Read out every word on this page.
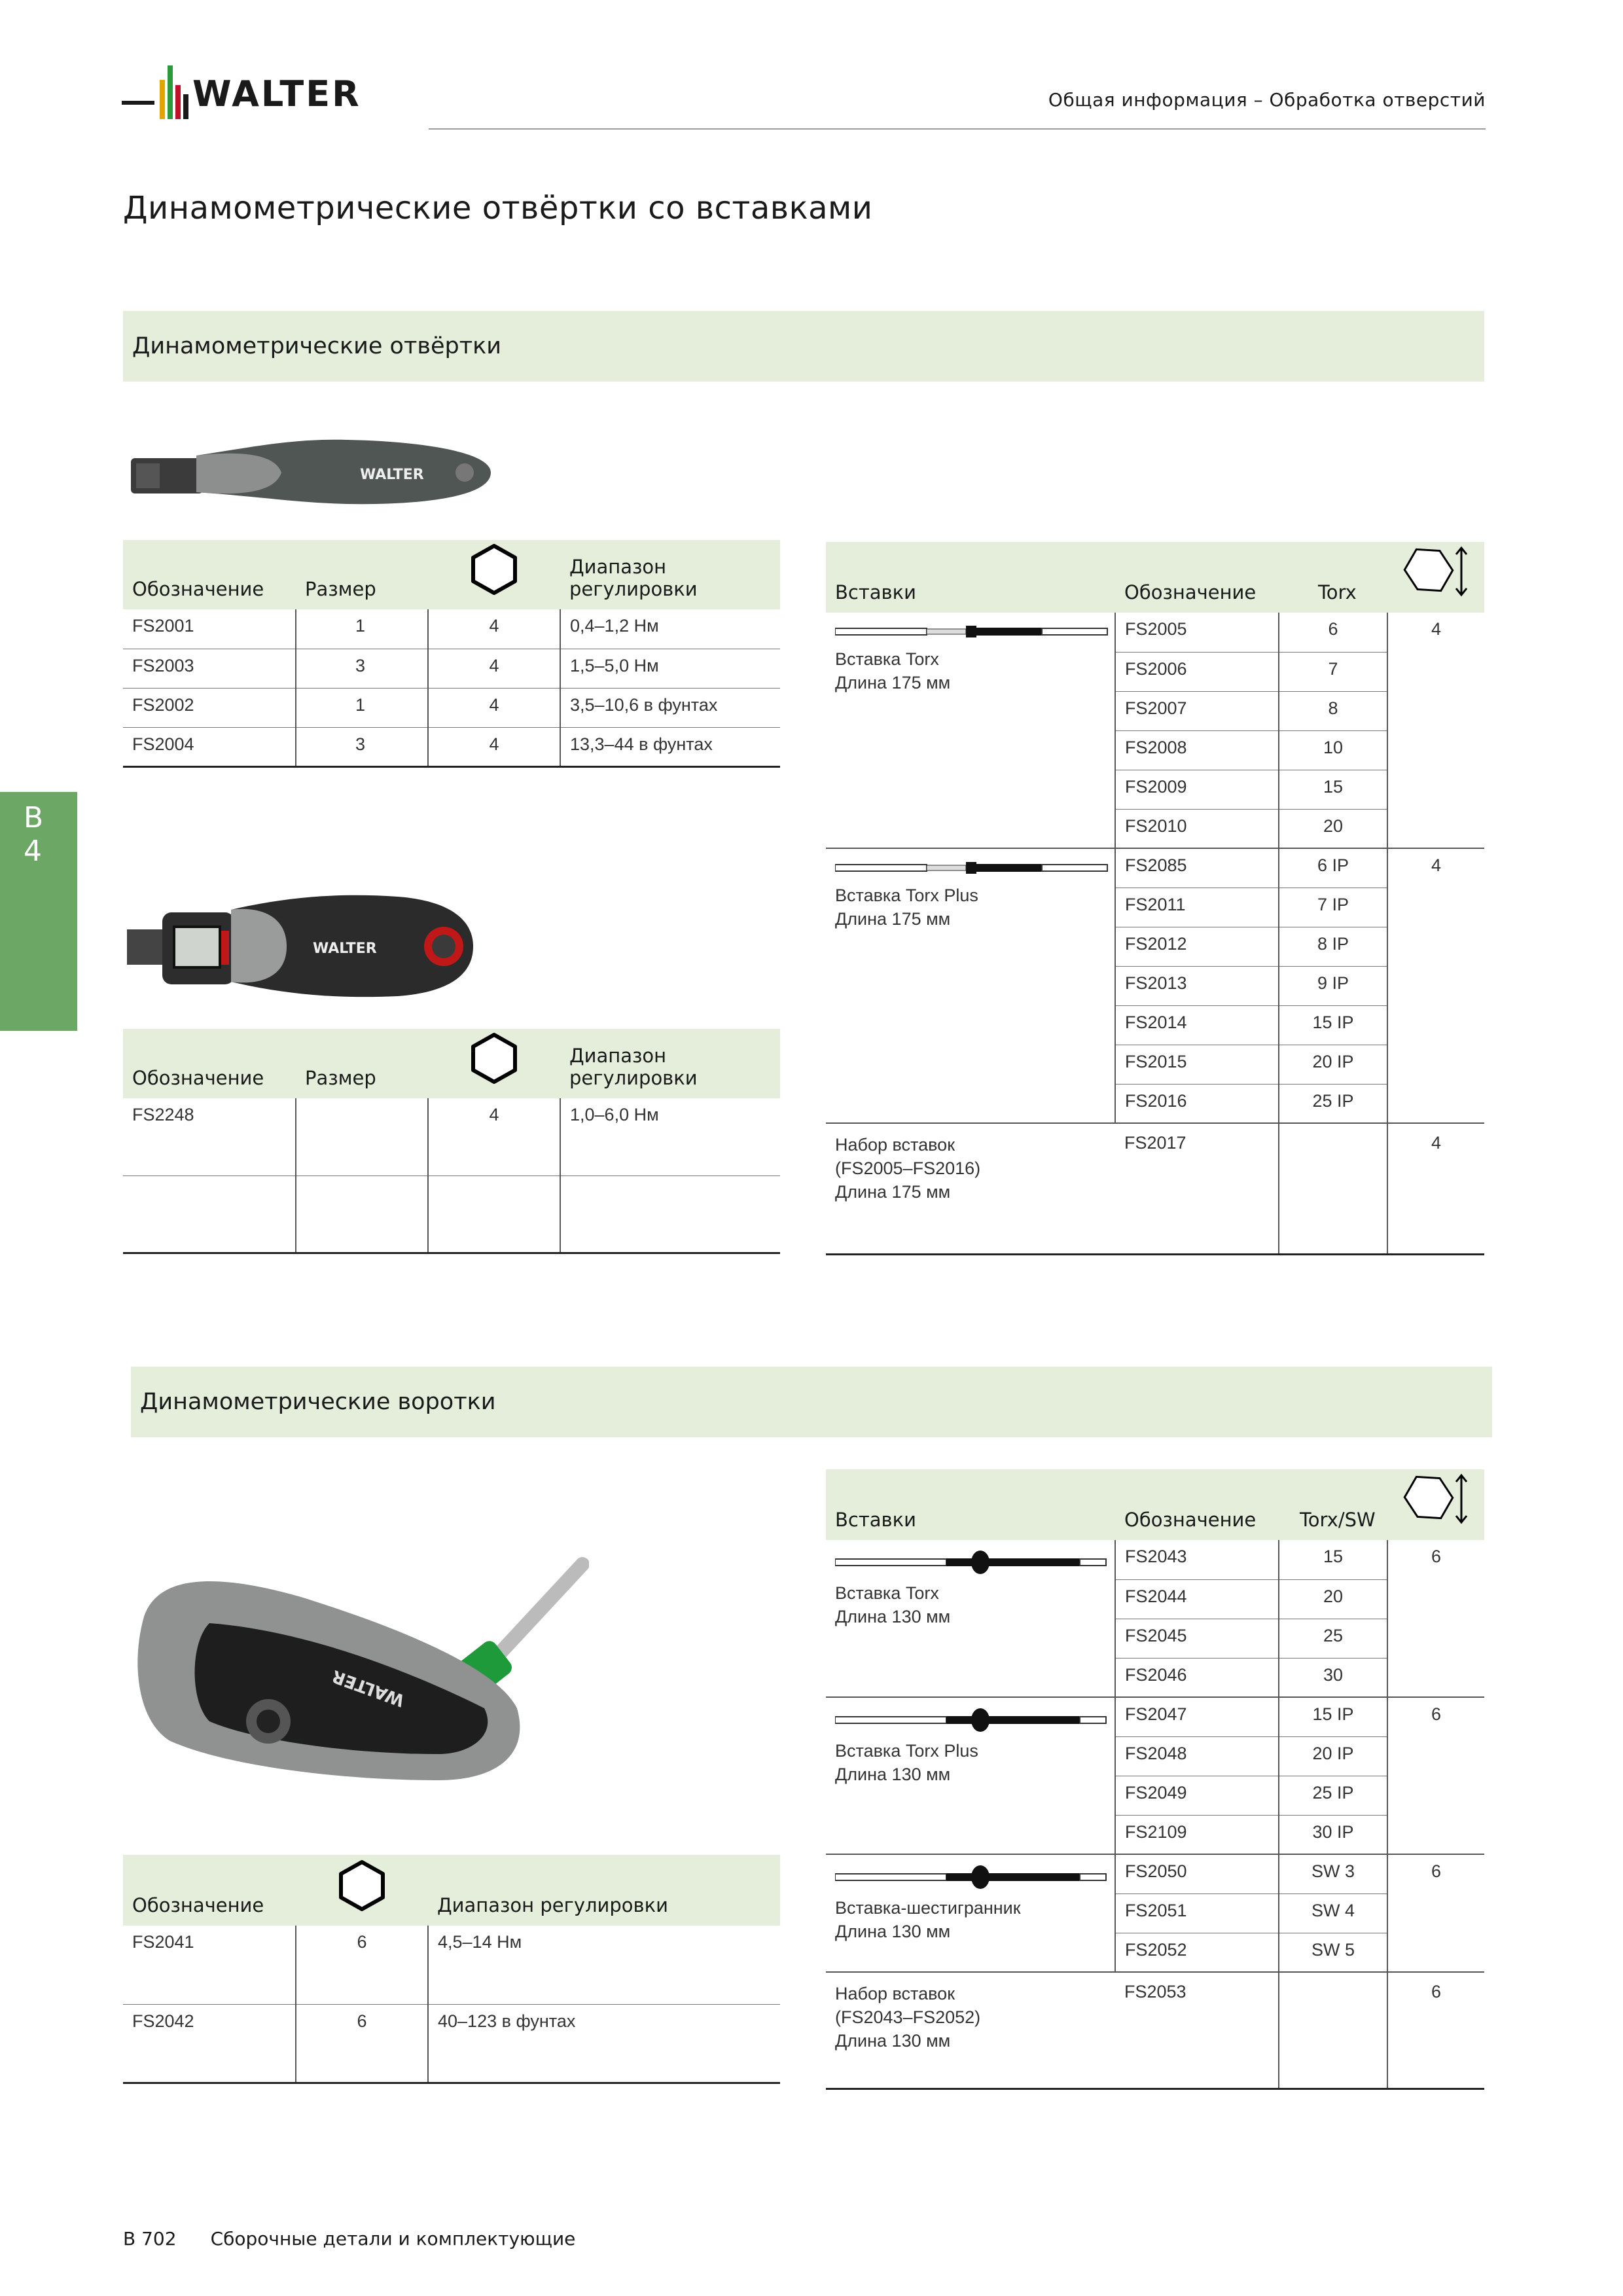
WALTER	Общая информация – Обработка отверстий
Динамометрические отвёртки со вставками
Динамометрические отвёртки
B 4
WALTER
Обозначение	Размер		Диапазон регулировки
FS2001	1	4	0,4–1,2 Нм
FS2003	3	4	1,5–5,0 Нм
FS2002	1	4	3,5–10,6 в фунтах
FS2004	3	4	13,3–44 в фунтах
WALTER
Обозначение	Размер		Диапазон регулировки
FS2248		4	1,0–6,0 Нм

Вставки	Обозначение	Torx	

Вставка Torx
Длина 175 мм	FS2005	6	4
	FS2006	7	
	FS2007	8	
	FS2008	10	
	FS2009	15	
	FS2010	20	

Вставка Torx Plus
Длина 175 мм	FS2085	6 IP	4
	FS2011	7 IP	
	FS2012	8 IP	
	FS2013	9 IP	
	FS2014	15 IP	
	FS2015	20 IP	
	FS2016	25 IP	
Набор вставок
(FS2005–FS2016)
Длина 175 мм	FS2017		4
Динамометрические воротки
WALTER
Обозначение		Диапазон регулировки
FS2041	6	4,5–14 Нм
FS2042	6	40–123 в фунтах
Вставки	Обозначение	Torx/SW	

Вставка Torx
Длина 130 мм	FS2043	15	6
	FS2044	20	
	FS2045	25	
	FS2046	30	

Вставка Torx Plus
Длина 130 мм	FS2047	15 IP	6
	FS2048	20 IP	
	FS2049	25 IP	
	FS2109	30 IP	

Вставка-шестигранник
Длина 130 мм	FS2050	SW 3	6
	FS2051	SW 4	
	FS2052	SW 5	
Набор вставок
(FS2043–FS2052)
Длина 130 мм	FS2053		6
B 702 Сборочные детали и комплектующие
